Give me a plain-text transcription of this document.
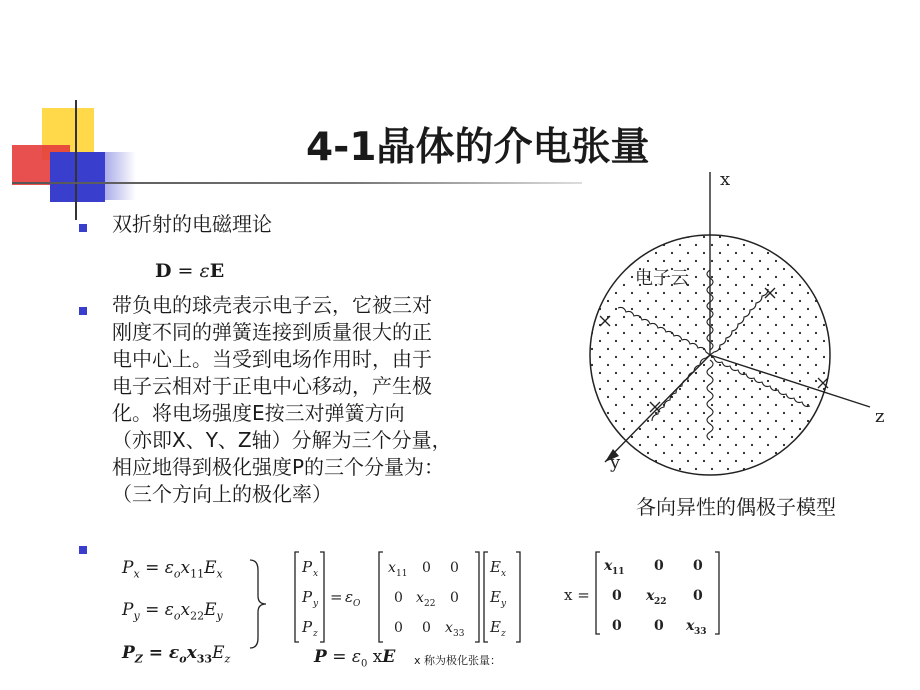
4-1晶体的介电张量
双折射的电磁理论
D = εE
带负电的球壳表示电子云，它被三对
刚度不同的弹簧连接到质量很大的正
电中心上。当受到电场作用时，由于
电子云相对于正电中心移动，产生极
化。将电场强度E按三对弹簧方向
（亦即X、Y、Z轴）分解为三个分量，
相应地得到极化强度P的三个分量为：
（三个方向上的极化率）
x
z
y
电子云
各向异性的偶极子模型
$P_x = \varepsilon_ox_{11}E_x$
$P_y = \varepsilon_ox_{22}E_y$
$P_Z = \varepsilon_ox_{33}E_z$
P x
P y
P z
E x
E y
E z
= ε O
x 11 0 0
0 x 22 0
0 0 x 33
$P = \varepsilon_0$ xE x 称为极化张量：
x =
x 11 0 0
0 x 22 0
0 0 x 33
